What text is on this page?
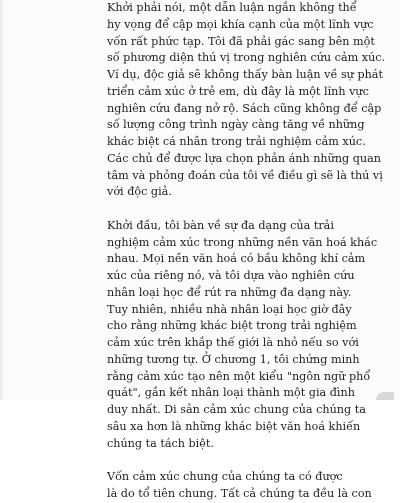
Khởi phải nói, một dẫn luận ngắn không thể
hy vọng để cập mọi khía cạnh của một lĩnh vực
vốn rất phức tạp. Tôi đã phải gác sang bên một
số phương diện thú vị trong nghiên cứu cảm xúc.
Ví dụ, độc giả sẽ không thấy bàn luận về sự phát
triển cảm xúc ở trẻ em, dù đây là một lĩnh vực
nghiên cứu đang nở rộ. Sách cũng không để cập
số lượng công trình ngày càng tăng về những
khác biệt cá nhân trong trải nghiệm cảm xúc.
Các chủ để được lựa chọn phản ánh những quan
tâm và phỏng đoán của tôi về điều gì sẽ là thú vị
với độc giả.
Khởi đầu, tôi bàn về sự đa dạng của trải
nghiệm cảm xúc trong những nền văn hoá khác
nhau. Mọi nền văn hoá có bầu không khí cảm
xúc của riêng nó, và tôi dựa vào nghiên cứu
nhân loại học để rút ra những đa dạng này.
Tuy nhiên, nhiều nhà nhân loại học giờ đây
cho rằng những khác biệt trong trải nghiệm
cảm xúc trên khắp thế giới là nhỏ nếu so với
những tương tự. Ở chương 1, tôi chứng minh
rằng cảm xúc tạo nên một kiểu "ngôn ngữ phổ
quát", gắn kết nhân loại thành một gia đình
duy nhất. Di sản cảm xúc chung của chúng ta
sâu xa hơn là những khác biệt văn hoá khiến
chúng ta tách biệt.
Vốn cảm xúc chung của chúng ta có được
là do tổ tiên chung. Tất cả chúng ta đều là con
